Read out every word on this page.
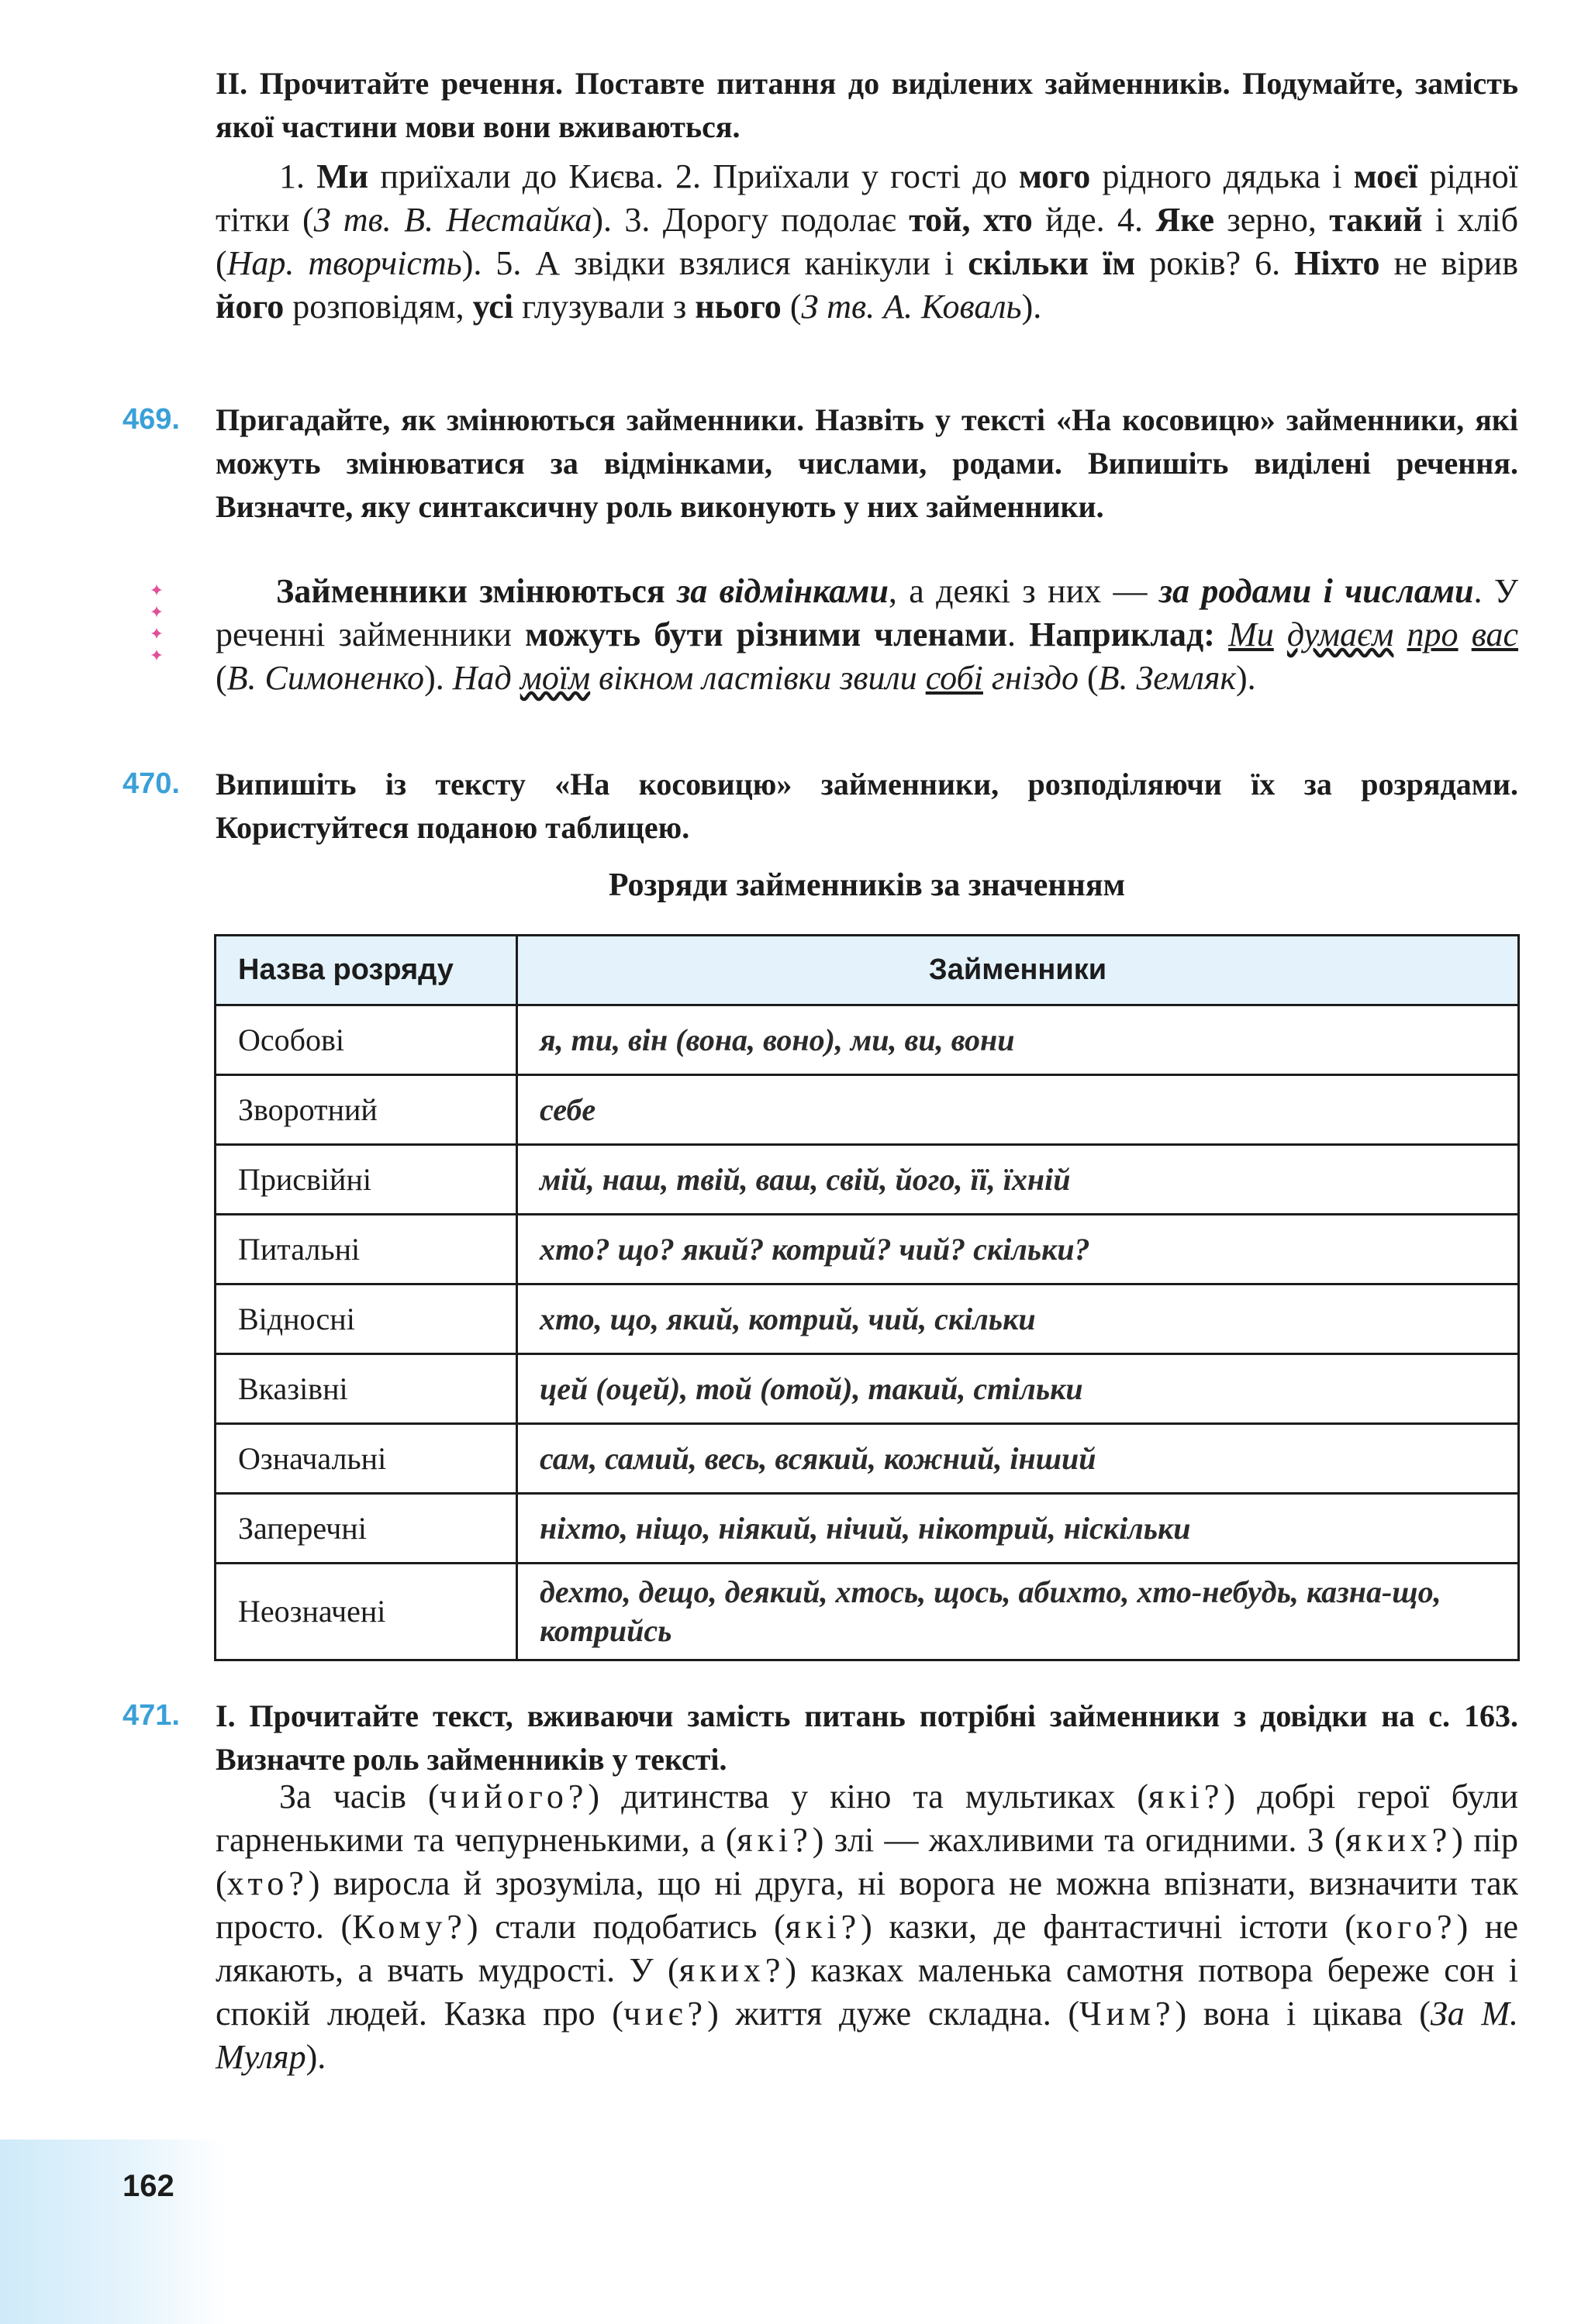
ІІ. Прочитайте речення. Поставте питання до виділених займенників. Подумайте, замість якої частини мови вони вживаються.

1. Ми приїхали до Києва. 2. Приїхали у гості до мого рідного дядька і моєї рідної тітки (З тв. В. Нестайка). 3. Дорогу подолає той, хто йде. 4. Яке зерно, такий і хліб (Нар. творчість). 5. А звідки взялися канікули і скільки їм років? 6. Ніхто не вірив його розповідям, усі глузували з нього (З тв. А. Коваль).

469. Пригадайте, як змінюються займенники. Назвіть у тексті «На косовицю» займенники, які можуть змінюватися за відмінками, числами, родами. Випишіть виділені речення. Визначте, яку синтаксичну роль виконують у них займенники.

✦
✦
✦
✦

Займенники змінюються за відмінками, а деякі з них — за родами і числами. У реченні займенники можуть бути різними членами. Наприклад: Ми думаєм про вас (В. Симоненко). Над моїм вікном ластівки звили собі гніздо (В. Земляк).

470. Випишіть із тексту «На косовицю» займенники, розподіляючи їх за розрядами. Користуйтеся поданою таблицею.

Розряди займенників за значенням
Назва розряду	Займенники
Особові	я, ти, він (вона, воно), ми, ви, вони
Зворотний	себе
Присвійні	мій, наш, твій, ваш, свій, його, її, їхній
Питальні	хто? що? який? котрий? чий? скільки?
Відносні	хто, що, який, котрий, чий, скільки
Вказівні	цей (оцей), той (отой), такий, стільки
Означальні	сам, самий, весь, всякий, кожний, інший
Заперечні	ніхто, ніщо, ніякий, нічий, нікотрий, ніскільки
Неозначені	дехто, дещо, деякий, хтось, щось, абихто, хто-небудь, казна-що, котрийсь
471. І. Прочитайте текст, вживаючи замість питань потрібні займенники з довідки на с. 163. Визначте роль займенників у тексті.

За часів (чийого?) дитинства у кіно та мультиках (які?) добрі герої були гарненькими та чепурненькими, а (які?) злі — жахливими та огидними. З (яких?) пір (хто?) виросла й зрозуміла, що ні друга, ні ворога не можна впізнати, визначити так просто. (Кому?) стали подобатись (які?) казки, де фантастичні істоти (кого?) не лякають, а вчать мудрості. У (яких?) казках маленька самотня потвора береже сон і спокій людей. Казка про (чиє?) життя дуже складна. (Чим?) вона і цікава (За М. Муляр).

162
